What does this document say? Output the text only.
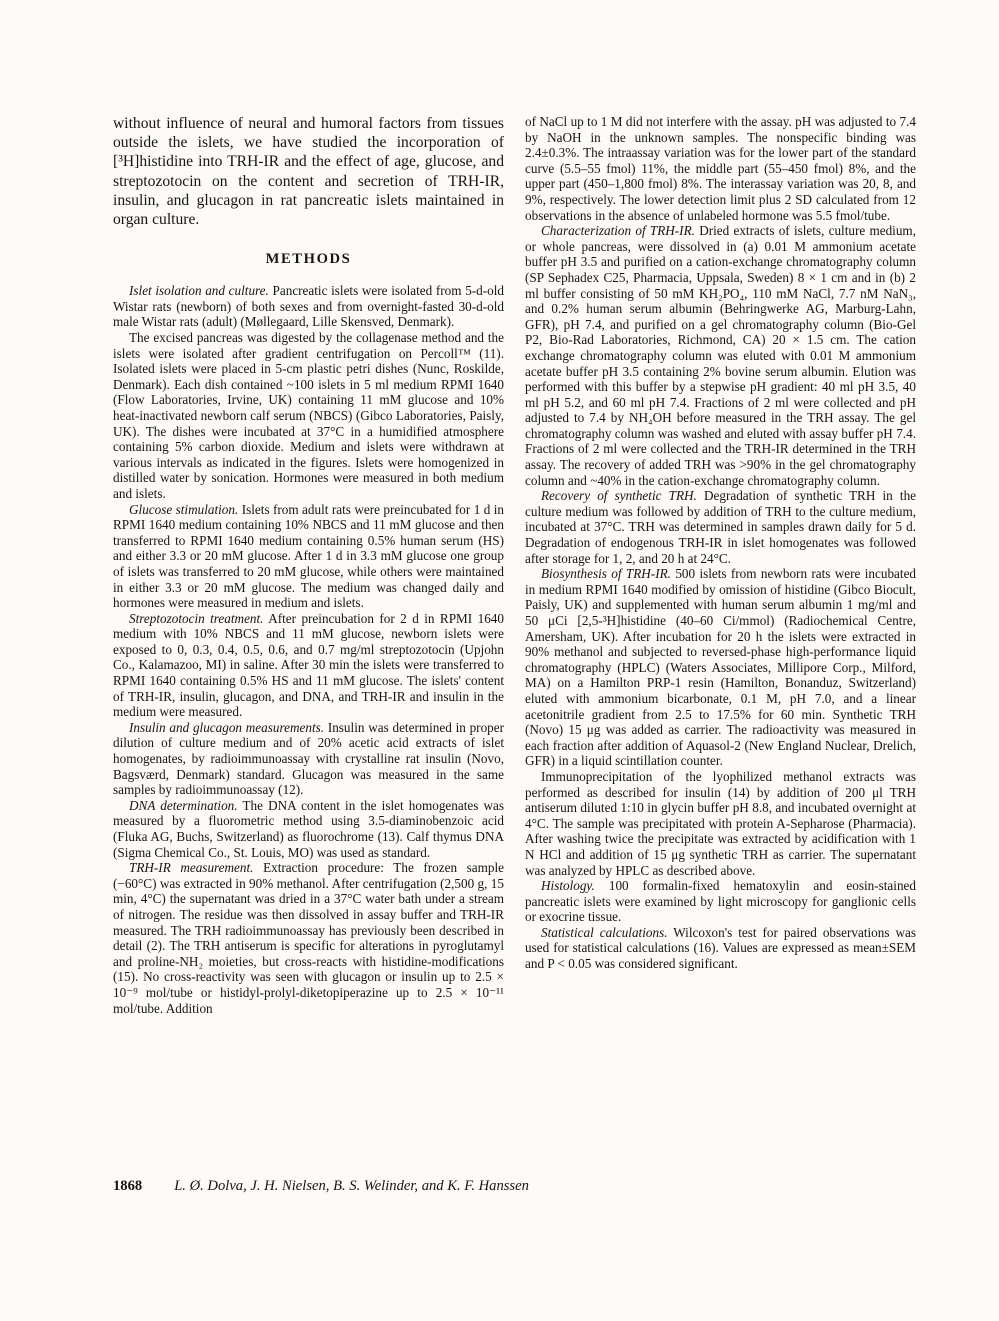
without influence of neural and humoral factors from tissues outside the islets, we have studied the incorporation of [³H]histidine into TRH-IR and the effect of age, glucose, and streptozotocin on the content and secretion of TRH-IR, insulin, and glucagon in rat pancreatic islets maintained in organ culture.

METHODS

Islet isolation and culture. Pancreatic islets were isolated from 5-d-old Wistar rats (newborn) of both sexes and from overnight-fasted 30-d-old male Wistar rats (adult) (Møllegaard, Lille Skensved, Denmark).

The excised pancreas was digested by the collagenase method and the islets were isolated after gradient centrifugation on Percoll™ (11). Isolated islets were placed in 5-cm plastic petri dishes (Nunc, Roskilde, Denmark). Each dish contained ~100 islets in 5 ml medium RPMI 1640 (Flow Laboratories, Irvine, UK) containing 11 mM glucose and 10% heat-inactivated newborn calf serum (NBCS) (Gibco Laboratories, Paisly, UK). The dishes were incubated at 37°C in a humidified atmosphere containing 5% carbon dioxide. Medium and islets were withdrawn at various intervals as indicated in the figures. Islets were homogenized in distilled water by sonication. Hormones were measured in both medium and islets.

Glucose stimulation. Islets from adult rats were preincubated for 1 d in RPMI 1640 medium containing 10% NBCS and 11 mM glucose and then transferred to RPMI 1640 medium containing 0.5% human serum (HS) and either 3.3 or 20 mM glucose. After 1 d in 3.3 mM glucose one group of islets was transferred to 20 mM glucose, while others were maintained in either 3.3 or 20 mM glucose. The medium was changed daily and hormones were measured in medium and islets.

Streptozotocin treatment. After preincubation for 2 d in RPMI 1640 medium with 10% NBCS and 11 mM glucose, newborn islets were exposed to 0, 0.3, 0.4, 0.5, 0.6, and 0.7 mg/ml streptozotocin (Upjohn Co., Kalamazoo, MI) in saline. After 30 min the islets were transferred to RPMI 1640 containing 0.5% HS and 11 mM glucose. The islets' content of TRH-IR, insulin, glucagon, and DNA, and TRH-IR and insulin in the medium were measured.

Insulin and glucagon measurements. Insulin was determined in proper dilution of culture medium and of 20% acetic acid extracts of islet homogenates, by radioimmunoassay with crystalline rat insulin (Novo, Bagsværd, Denmark) standard. Glucagon was measured in the same samples by radioimmunoassay (12).

DNA determination. The DNA content in the islet homogenates was measured by a fluorometric method using 3.5-diaminobenzoic acid (Fluka AG, Buchs, Switzerland) as fluorochrome (13). Calf thymus DNA (Sigma Chemical Co., St. Louis, MO) was used as standard.

TRH-IR measurement. Extraction procedure: The frozen sample (−60°C) was extracted in 90% methanol. After centrifugation (2,500 g, 15 min, 4°C) the supernatant was dried in a 37°C water bath under a stream of nitrogen. The residue was then dissolved in assay buffer and TRH-IR measured. The TRH radioimmunoassay has previously been described in detail (2). The TRH antiserum is specific for alterations in pyroglutamyl and proline-NH₂ moieties, but cross-reacts with histidine-modifications (15). No cross-reactivity was seen with glucagon or insulin up to 2.5 × 10⁻⁹ mol/tube or histidyl-prolyl-diketopiperazine up to 2.5 × 10⁻¹¹ mol/tube. Addition

of NaCl up to 1 M did not interfere with the assay. pH was adjusted to 7.4 by NaOH in the unknown samples. The nonspecific binding was 2.4±0.3%. The intraassay variation was for the lower part of the standard curve (5.5–55 fmol) 11%, the middle part (55–450 fmol) 8%, and the upper part (450–1,800 fmol) 8%. The interassay variation was 20, 8, and 9%, respectively. The lower detection limit plus 2 SD calculated from 12 observations in the absence of unlabeled hormone was 5.5 fmol/tube.

Characterization of TRH-IR. Dried extracts of islets, culture medium, or whole pancreas, were dissolved in (a) 0.01 M ammonium acetate buffer pH 3.5 and purified on a cation-exchange chromatography column (SP Sephadex C25, Pharmacia, Uppsala, Sweden) 8 × 1 cm and in (b) 2 ml buffer consisting of 50 mM KH₂PO₄, 110 mM NaCl, 7.7 nM NaN₃, and 0.2% human serum albumin (Behringwerke AG, Marburg-Lahn, GFR), pH 7.4, and purified on a gel chromatography column (Bio-Gel P2, Bio-Rad Laboratories, Richmond, CA) 20 × 1.5 cm. The cation exchange chromatography column was eluted with 0.01 M ammonium acetate buffer pH 3.5 containing 2% bovine serum albumin. Elution was performed with this buffer by a stepwise pH gradient: 40 ml pH 3.5, 40 ml pH 5.2, and 60 ml pH 7.4. Fractions of 2 ml were collected and pH adjusted to 7.4 by NH₄OH before measured in the TRH assay. The gel chromatography column was washed and eluted with assay buffer pH 7.4. Fractions of 2 ml were collected and the TRH-IR determined in the TRH assay. The recovery of added TRH was >90% in the gel chromatography column and ~40% in the cation-exchange chromatography column.

Recovery of synthetic TRH. Degradation of synthetic TRH in the culture medium was followed by addition of TRH to the culture medium, incubated at 37°C. TRH was determined in samples drawn daily for 5 d. Degradation of endogenous TRH-IR in islet homogenates was followed after storage for 1, 2, and 20 h at 24°C.

Biosynthesis of TRH-IR. 500 islets from newborn rats were incubated in medium RPMI 1640 modified by omission of histidine (Gibco Biocult, Paisly, UK) and supplemented with human serum albumin 1 mg/ml and 50 μCi [2,5-³H]histidine (40–60 Ci/mmol) (Radiochemical Centre, Amersham, UK). After incubation for 20 h the islets were extracted in 90% methanol and subjected to reversed-phase high-performance liquid chromatography (HPLC) (Waters Associates, Millipore Corp., Milford, MA) on a Hamilton PRP-1 resin (Hamilton, Bonanduz, Switzerland) eluted with ammonium bicarbonate, 0.1 M, pH 7.0, and a linear acetonitrile gradient from 2.5 to 17.5% for 60 min. Synthetic TRH (Novo) 15 μg was added as carrier. The radioactivity was measured in each fraction after addition of Aquasol-2 (New England Nuclear, Drelich, GFR) in a liquid scintillation counter.

Immunoprecipitation of the lyophilized methanol extracts was performed as described for insulin (14) by addition of 200 μl TRH antiserum diluted 1:10 in glycin buffer pH 8.8, and incubated overnight at 4°C. The sample was precipitated with protein A-Sepharose (Pharmacia). After washing twice the precipitate was extracted by acidification with 1 N HCl and addition of 15 μg synthetic TRH as carrier. The supernatant was analyzed by HPLC as described above.

Histology. 100 formalin-fixed hematoxylin and eosin-stained pancreatic islets were examined by light microscopy for ganglionic cells or exocrine tissue.

Statistical calculations. Wilcoxon's test for paired observations was used for statistical calculations (16). Values are expressed as mean±SEM and P < 0.05 was considered significant.

1868 L. Ø. Dolva, J. H. Nielsen, B. S. Welinder, and K. F. Hanssen
